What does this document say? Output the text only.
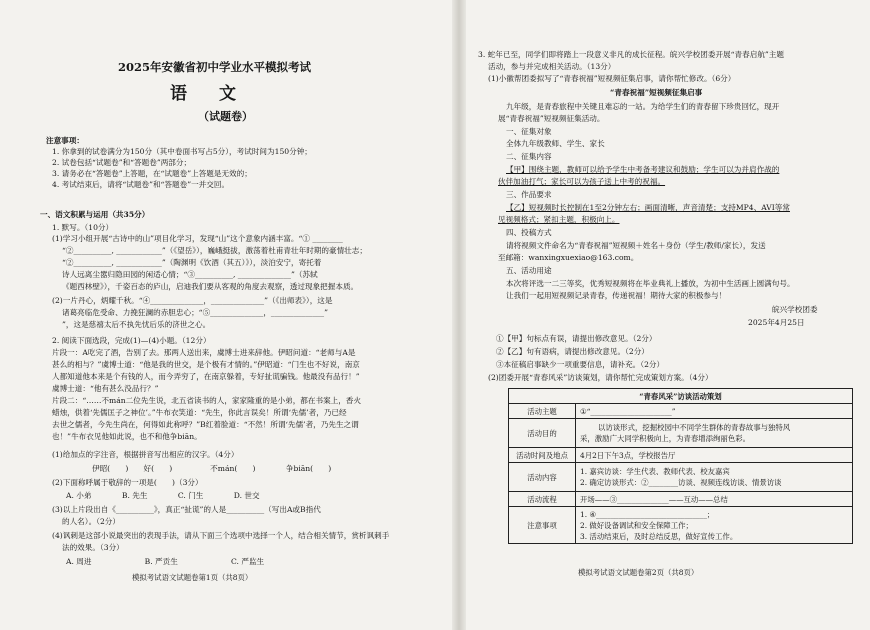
2025年安徽省初中学业水平模拟考试
语文
（试题卷）
注意事项：
1. 你拿到的试卷满分为150分（其中卷面书写占5分），考试时间为150分钟；
2. 试卷包括“试题卷”和“答题卷”两部分；
3. 请务必在“答题卷”上答题，在“试题卷”上答题是无效的；
4. 考试结束后，请将“试题卷”和“答题卷”一并交回。
一、语文积累与运用（共35分）
1. 默写。（10分）
(1)学习小组开展“古诗中的山”项目化学习，发现“山”这个意象内涵丰富。“① ________
“②__________, ____________”（《望岳》），巍峨挺拔，激荡着杜甫青壮年时期的豪情壮志；
“②__________, ____________”（陶渊明《饮酒（其五）》），淡泊安宁，寄托着
诗人远离尘嚣归隐田园的闲适心情；“③__________, ______________”（苏轼
《题西林壁》），千姿百态的庐山，启迪我们要从客观的角度去观察，透过现象把握本质。
(2)一片丹心，炳耀千秋。“④______________，______________”（《出师表》），这是
诸葛亮临危受命、力挽狂澜的赤胆忠心；“⑤______________，______________”
”，这是慈禧太后不执先忧后乐的济世之心。
2. 阅读下面选段，完成(1)—(4)小题。（12分）
片段一：A吃完了酒，告别了去。那两人送出来，虞博士进来辞他。伊昭问道：“老师与A是
甚么的相与？”虞博士道：“他是我的世交，是个极有才情的。”伊昭道：“门生也不好说，南京
人都知道他本来是个有钱的人，而今弄穷了，在南京躲着，专好扯谎骗钱。他最没有品行！”
虞博士道：“他有甚么没品行？”
片段二：“……不mán二位先生说，北五省读书的人，家家隆重的是小弟，都在书案上，香火
蜡烛，供着‘先儒匡子之神位’。”牛布衣笑道：“先生，你此言误矣！所谓‘先儒’者，乃已经
去世之儒者，今先生尚在，何得如此称呼？”B红着脸道：“不然！所谓‘先儒’者，乃先生之谓
也！”牛布衣见他如此说，也不和他争biān。
(1)给加点的字注音，根据拼音写出相应的汉字。（4分）
伊昭(　　)　　好(　　)　　　　　不mán(　　)　　　　争biān(　　)
(2)下面称呼属于敬辞的一项是(　　)（3分）
A. 小弟　　　　B. 先生　　　　C. 门生　　　　D. 世交
(3)以上片段出自《__________》，真正“扯谎”的人是__________（写出A或B指代
的人名）。（2分）
(4)讽刺是这部小说最突出的表现手法，请从下面三个选项中选择一个人，结合相关情节，赏析讽刺手
法的效果。（3分）
A. 周进　　　　　　　B. 严贡生　　　　　　　C. 严监生
模拟考试语文试题卷第1页（共8页）
3. 蛇年已至，同学们即将踏上一段意义非凡的成长征程。皖兴学校团委开展“青春启航”主题
活动，参与并完成相关活动。（13分）
(1)小徽帮团委拟写了“青春祝福”短视频征集启事，请你帮忙修改。（6分）
“青春祝福”短视频征集启事
九年级，是青春旅程中关键且难忘的一站。为给学生们的青春留下珍贵回忆，现开
展“青春祝福”短视频征集活动。
一、征集对象
全体九年级教师、学生、家长
二、征集内容
【甲】围绕主题，教师可以给予学生中考备考建议和鼓励；学生可以为并肩作战的
伙伴加油打气；家长可以为孩子送上中考的祝福。
三、作品要求
【乙】短视频时长控制在1至2分钟左右；画面清晰，声音清楚；支持MP4、AVI等常
见视频格式；紧扣主题，积极向上。
四、投稿方式
请将视频文件命名为“青春祝福”短视频＋姓名＋身份（学生/教师/家长），发送
至邮箱：wanxingxuexiao@163.com。
五、活动用途
本次将评选一二三等奖，优秀短视频将在毕业典礼上播放，为初中生活画上圆满句号。
让我们一起用短视频记录青春，传递祝福！期待大家的积极参与！
皖兴学校团委
2025年4月25日
①【甲】句标点有误，请提出修改意见。（2分）
②【乙】句有语病，请提出修改意见。（2分）
③本征稿启事缺少一项重要信息，请补充。（2分）
(2)团委开展“青春风采”访谈策划，请你帮忙完成策划方案。（4分）
“青春风采”访谈活动策划	
活动主题	①“______________________”
活动目的	以访谈形式，挖掘校园中不同学生群体的青春故事与独特风
采，激励广大同学积极向上，为青春增添绚丽色彩。

活动时间及地点	4月2日下午3点，学校报告厅
活动内容	1. 嘉宾访谈：学生代表、教师代表、校友嘉宾
2. 确定访谈形式：②________访谈、视频连线访谈、情景访谈

活动流程	开场——③______________——互动——总结
注意事项	1. ④______________________________；
2. 做好设备调试和安全保障工作；
3. 活动结束后，及时总结反思，做好宣传工作。
模拟考试语文试题卷第2页（共8页）
